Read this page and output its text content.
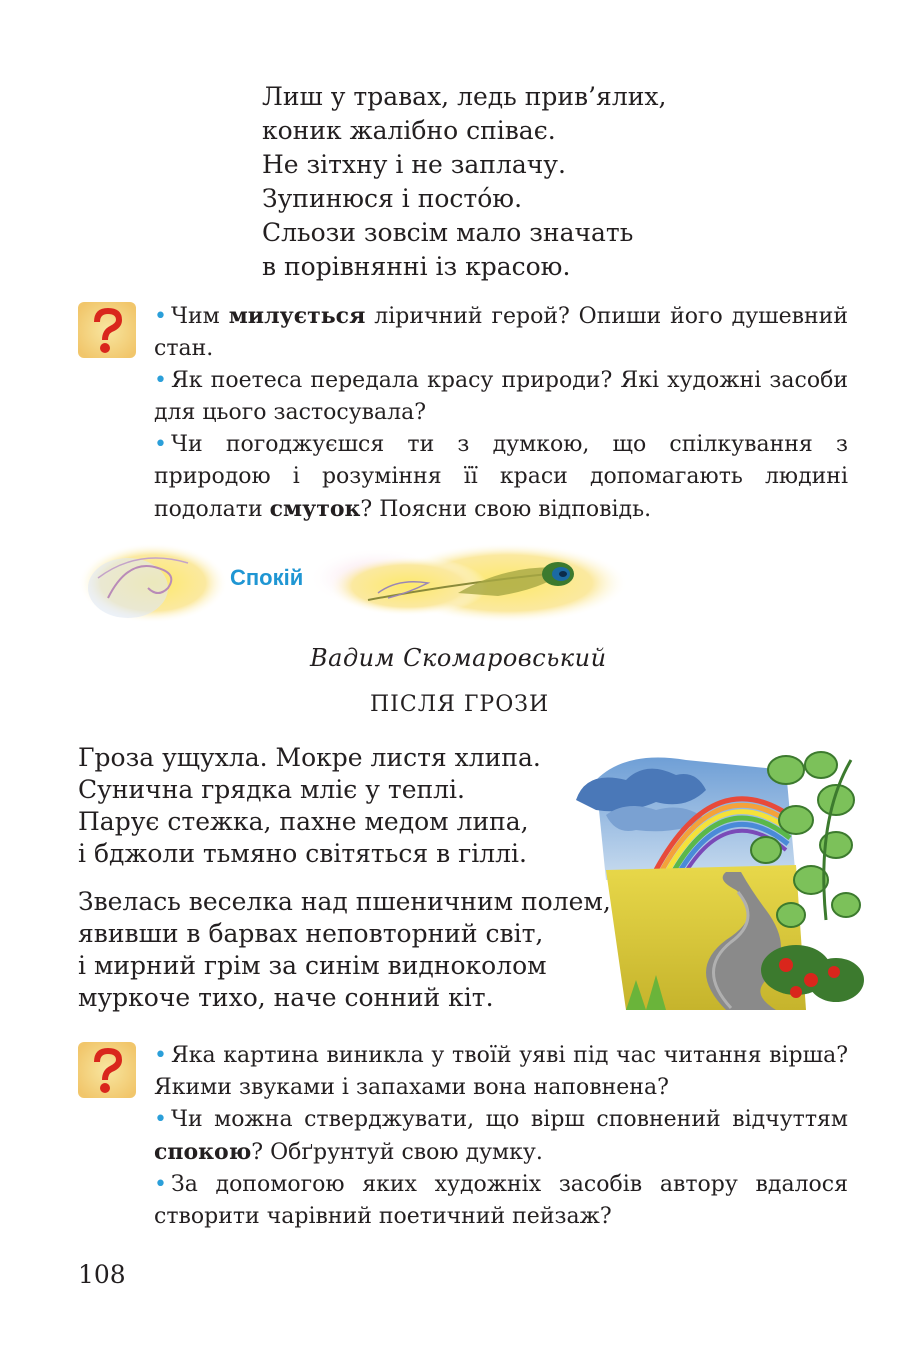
Лиш у травах, ледь прив’ялих,
коник жалібно співає.
Не зітхну і не заплачу.
Зупинюся і посто́ю.
Сльози зовсім мало значать
в порівнянні із красою.

• Чим милується ліричний герой? Опиши його душевний стан.

• Як поетеса передала красу природи? Які художні засоби для цього застосувала?

• Чи погоджуєшся ти з думкою, що спілкування з природою і розуміння її краси допомагають людині подолати смуток? Поясни свою відповідь.

Спокій
Вадим Скомаровський
ПІСЛЯ ГРОЗИ
Гроза ущухла. Мокре листя хлипа.
Сунична грядка мліє у теплі.
Парує стежка, пахне медом липа,
і бджоли тьмяно світяться в гіллі.
Звелась веселка над пшеничним полем,
явивши в барвах неповторний світ,
і мирний грім за синім видноколом
муркоче тихо, наче сонний кіт.

• Яка картина виникла у твоїй уяві під час читання вірша? Якими звуками і запахами вона наповнена?

• Чи можна стверджувати, що вірш сповнений відчуттям спокою? Обґрунтуй свою думку.

• За допомогою яких художніх засобів автору вдалося створити чарівний поетичний пейзаж?

108
